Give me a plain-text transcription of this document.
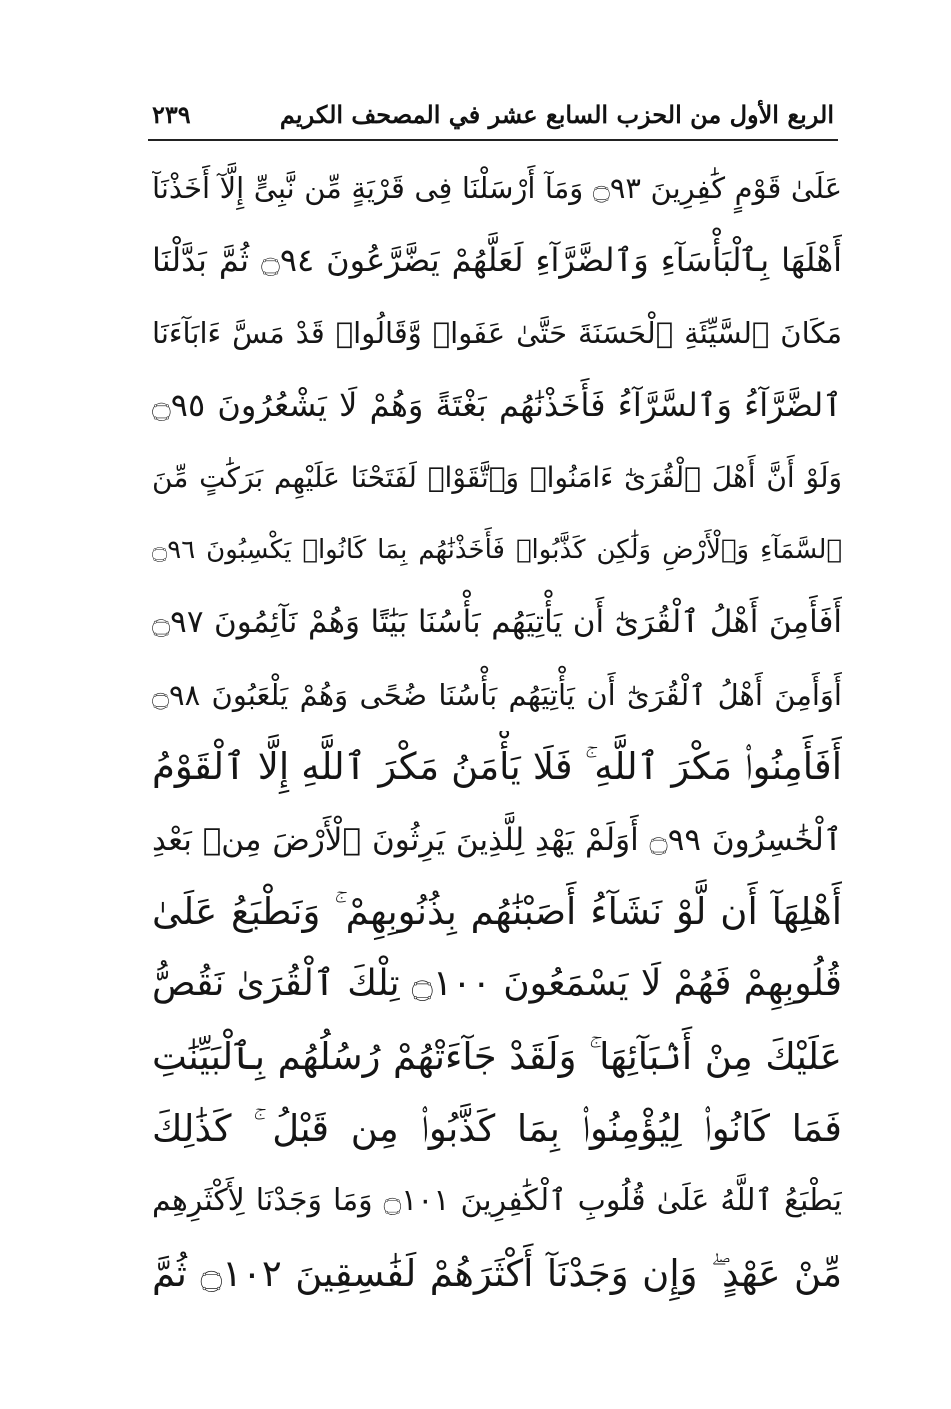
الربع الأول من الحزب السابع عشر في المصحف الكريم
٢٣٩
عَلَىٰ قَوْمٍ كَٰفِرِينَ ۝٩٣ وَمَآ أَرْسَلْنَا فِى قَرْيَةٍ مِّن نَّبِىٍّ إِلَّآ أَخَذْنَآ
أَهْلَهَا بِٱلْبَأْسَآءِ وَٱلضَّرَّآءِ لَعَلَّهُمْ يَضَّرَّعُونَ ۝٩٤ ثُمَّ بَدَّلْنَا
مَكَانَ ٱلسَّيِّئَةِ ٱلْحَسَنَةَ حَتَّىٰ عَفَوا۟ وَّقَالُوا۟ قَدْ مَسَّ ءَابَآءَنَا
ٱلضَّرَّآءُ وَٱلسَّرَّآءُ فَأَخَذْنَٰهُم بَغْتَةً وَهُمْ لَا يَشْعُرُونَ ۝٩٥
وَلَوْ أَنَّ أَهْلَ ٱلْقُرَىٰٓ ءَامَنُوا۟ وَٱتَّقَوْا۟ لَفَتَحْنَا عَلَيْهِم بَرَكَٰتٍ مِّنَ
ٱلسَّمَآءِ وَٱلْأَرْضِ وَلَٰكِن كَذَّبُوا۟ فَأَخَذْنَٰهُم بِمَا كَانُوا۟ يَكْسِبُونَ ۝٩٦
أَفَأَمِنَ أَهْلُ ٱلْقُرَىٰٓ أَن يَأْتِيَهُم بَأْسُنَا بَيَٰتًا وَهُمْ نَآئِمُونَ ۝٩٧
أَوَأَمِنَ أَهْلُ ٱلْقُرَىٰٓ أَن يَأْتِيَهُم بَأْسُنَا ضُحًى وَهُمْ يَلْعَبُونَ ۝٩٨
أَفَأَمِنُوا۟ مَكْرَ ٱللَّهِ ۚ فَلَا يَأْمَنُ مَكْرَ ٱللَّهِ إِلَّا ٱلْقَوْمُ
ٱلْخَٰسِرُونَ ۝٩٩ أَوَلَمْ يَهْدِ لِلَّذِينَ يَرِثُونَ ٱلْأَرْضَ مِنۢ بَعْدِ
أَهْلِهَآ أَن لَّوْ نَشَآءُ أَصَبْنَٰهُم بِذُنُوبِهِمْ ۚ وَنَطْبَعُ عَلَىٰ
قُلُوبِهِمْ فَهُمْ لَا يَسْمَعُونَ ۝١٠٠ تِلْكَ ٱلْقُرَىٰ نَقُصُّ
عَلَيْكَ مِنْ أَنۢبَآئِهَا ۚ وَلَقَدْ جَآءَتْهُمْ رُسُلُهُم بِٱلْبَيِّنَٰتِ
فَمَا كَانُوا۟ لِيُؤْمِنُوا۟ بِمَا كَذَّبُوا۟ مِن قَبْلُ ۚ كَذَٰلِكَ
يَطْبَعُ ٱللَّهُ عَلَىٰ قُلُوبِ ٱلْكَٰفِرِينَ ۝١٠١ وَمَا وَجَدْنَا لِأَكْثَرِهِم
مِّنْ عَهْدٍ ۖ وَإِن وَجَدْنَآ أَكْثَرَهُمْ لَفَٰسِقِينَ ۝١٠٢ ثُمَّ
